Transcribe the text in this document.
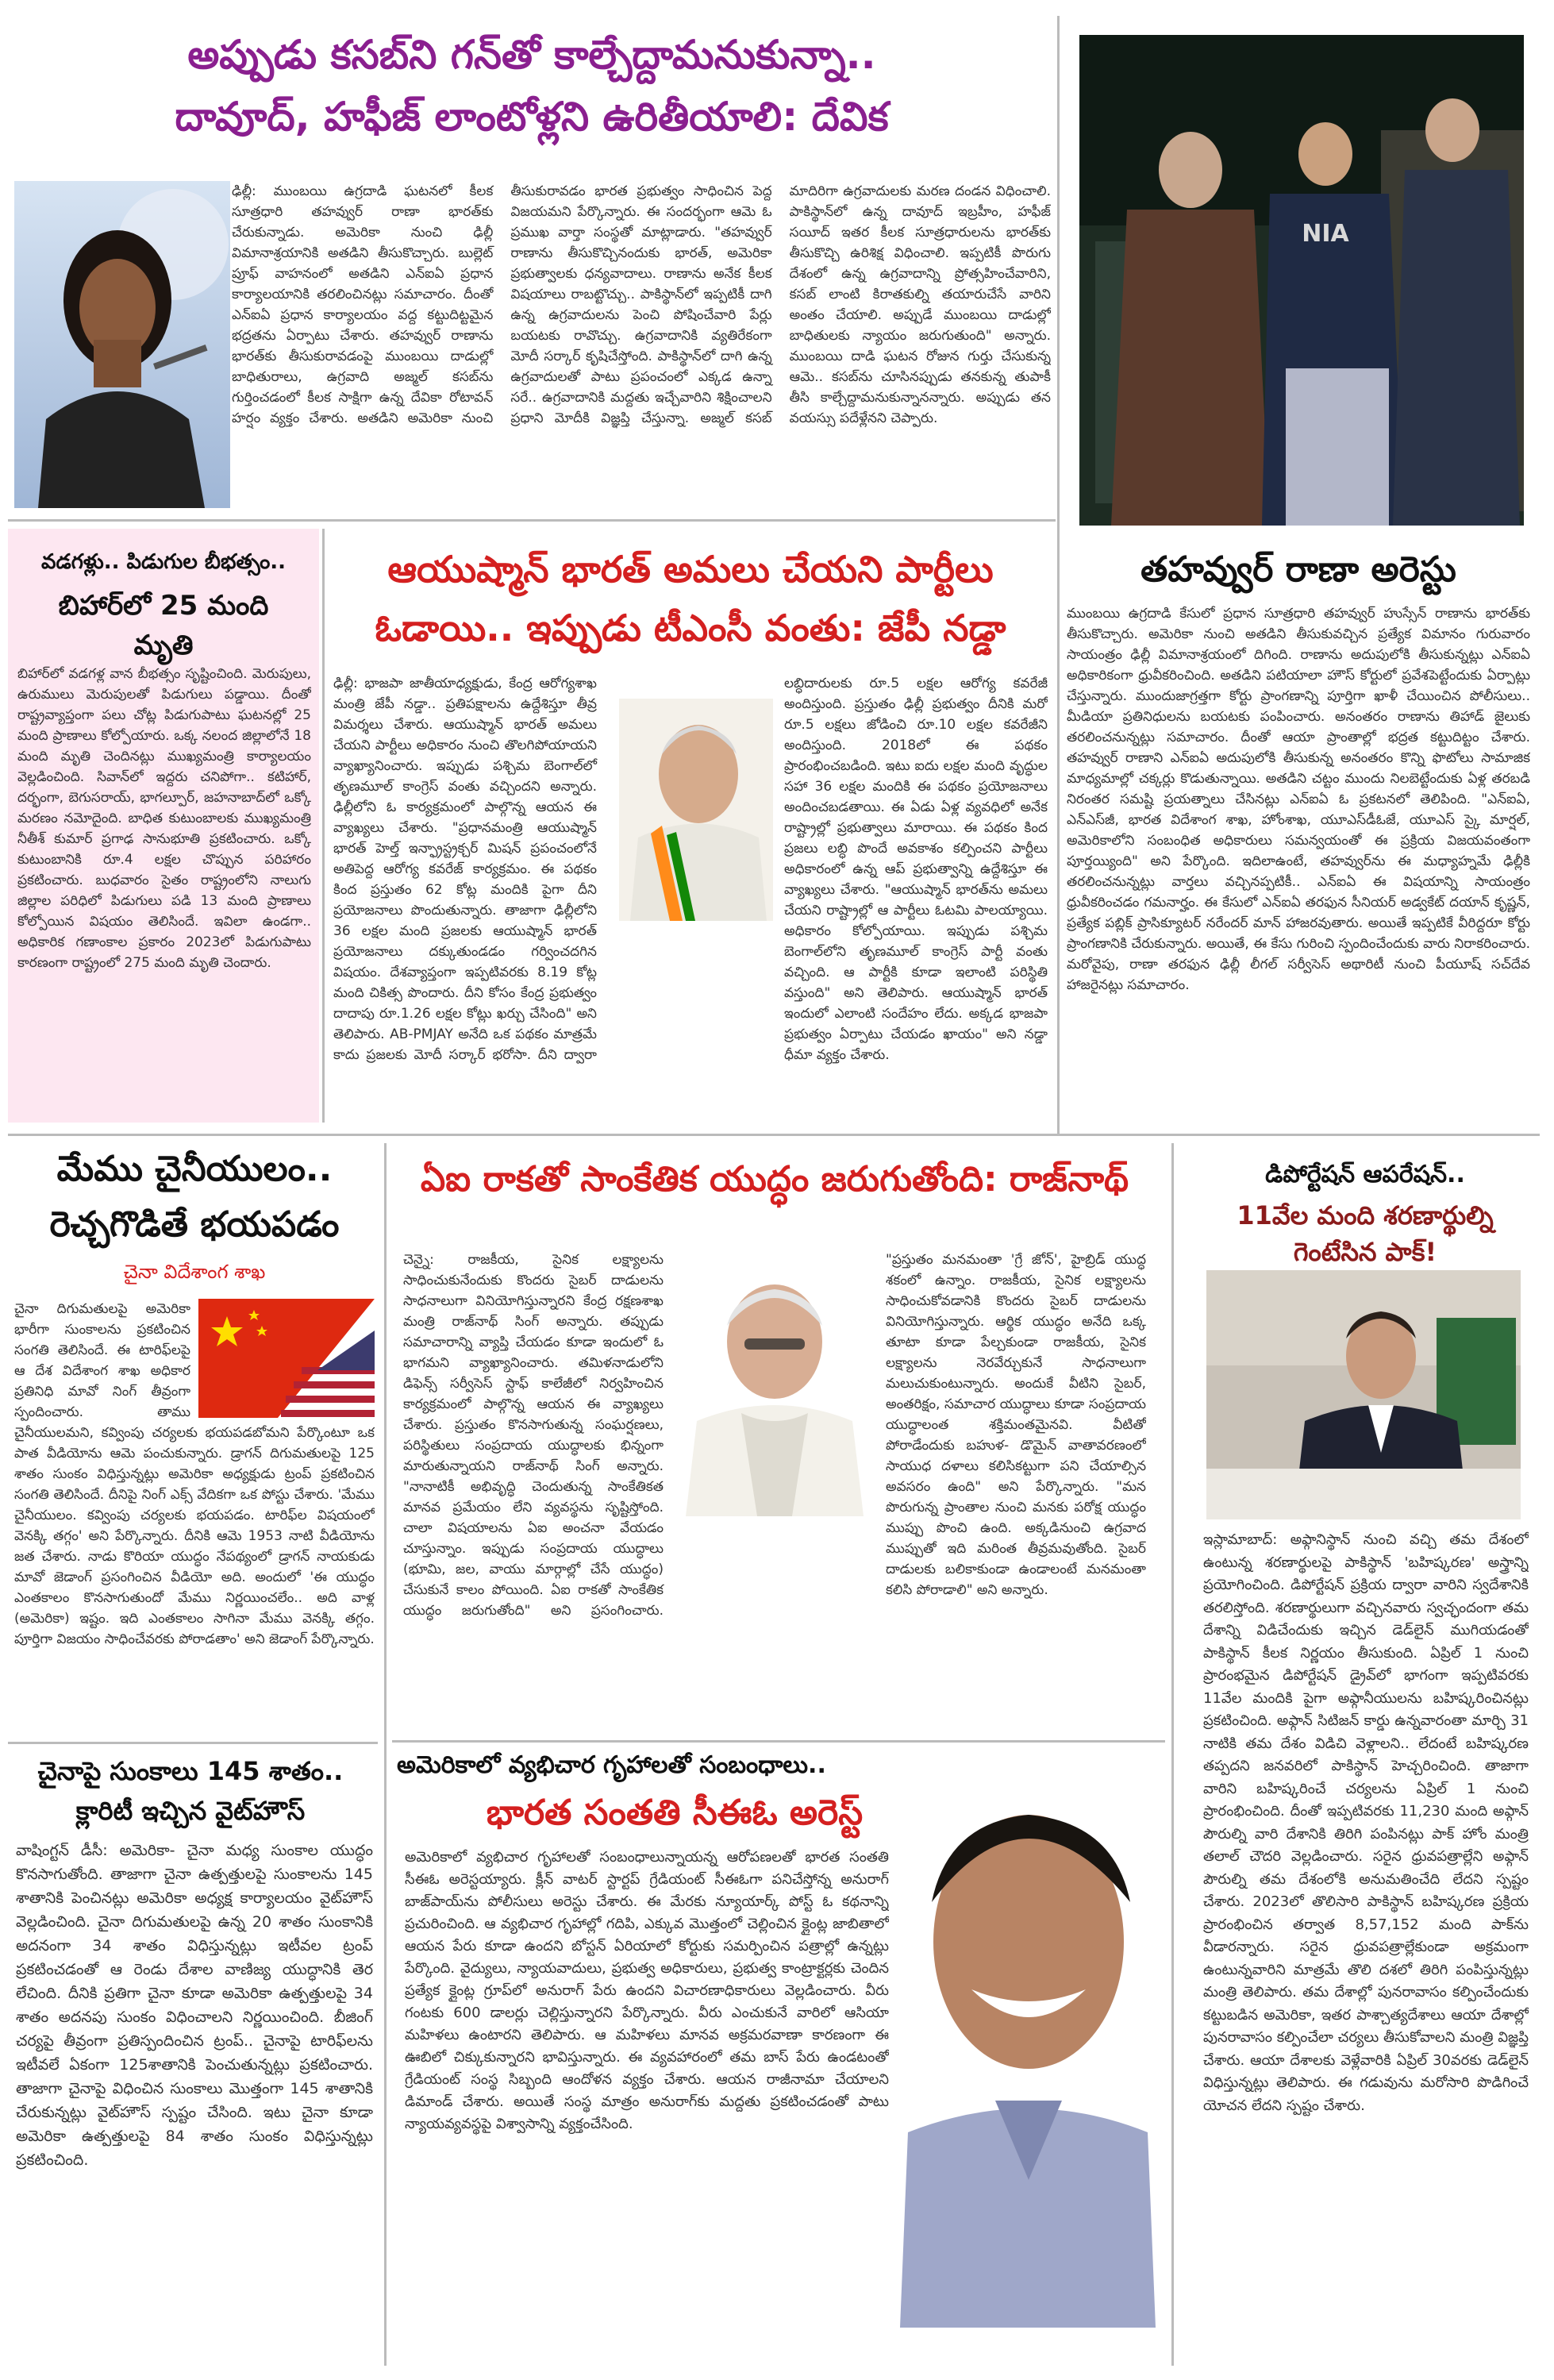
అప్పుడు కసబ్‌ని గన్‌తో కాల్చేద్దామనుకున్నా..
దావూద్, హఫీజ్ లాంటోళ్లని ఉరితీయాలి: దేవిక
ఢిల్లీ: ముంబయి ఉగ్రదాడి ఘటనలో కీలక సూత్రధారి తహవ్వుర్ రాణా భారత్‌కు చేరుకున్నాడు. అమెరికా నుంచి ఢిల్లీ విమానాశ్రయానికి అతడిని తీసుకొచ్చారు. బుల్లెట్ ప్రూఫ్ వాహనంలో అతడిని ఎన్ఐఏ ప్రధాన కార్యాలయానికి తరలించినట్లు సమాచారం. దీంతో ఎన్ఐఏ ప్రధాన కార్యాలయం వద్ద కట్టుదిట్టమైన భద్రతను ఏర్పాటు చేశారు. తహవ్వుర్ రాణాను భారత్‌కు తీసుకురావడంపై ముంబయి దాడుల్లో బాధితురాలు, ఉగ్రవాది అజ్మల్ కసబ్‌ను గుర్తించడంలో కీలక సాక్షిగా ఉన్న దేవికా రోటావన్ హర్షం వ్యక్తం చేశారు. అతడిని అమెరికా నుంచి తీసుకురావడం భారత ప్రభుత్వం సాధించిన పెద్ద విజయమని పేర్కొన్నారు. ఈ సందర్భంగా ఆమె ఓ ప్రముఖ వార్తా సంస్థతో మాట్లాడారు. "తహవ్వుర్ రాణాను తీసుకొచ్చినందుకు భారత్, అమెరికా ప్రభుత్వాలకు ధన్యవాదాలు. రాణాను అనేక కీలక విషయాలు రాబట్టొచ్చు.. పాకిస్థాన్‌లో ఇప్పటికీ దాగి ఉన్న ఉగ్రవాదులను పెంచి పోషించేవారి పేర్లు బయటకు రావొచ్చు. ఉగ్రవాదానికి వ్యతిరేకంగా మోదీ సర్కార్ కృషిచేస్తోంది. పాకిస్థాన్‌లో దాగి ఉన్న ఉగ్రవాదులతో పాటు ప్రపంచంలో ఎక్కడ ఉన్నా సరే.. ఉగ్రవాదానికి మద్దతు ఇచ్చేవారిని శిక్షించాలని ప్రధాని మోదీకి విజ్ఞప్తి చేస్తున్నా. అజ్మల్ కసబ్ మాదిరిగా ఉగ్రవాదులకు మరణ దండన విధించాలి. పాకిస్థాన్‌లో ఉన్న దావూద్ ఇబ్రహీం, హఫీజ్ సయీద్ ఇతర కీలక సూత్రధారులను భారత్‌కు తీసుకొచ్చి ఉరిశిక్ష విధించాలి. ఇప్పటికీ పొరుగు దేశంలో ఉన్న ఉగ్రవాదాన్ని ప్రోత్సహించేవారిని, కసబ్ లాంటి కిరాతకుల్ని తయారుచేసే వారిని అంతం చేయాలి. అప్పుడే ముంబయి దాడుల్లో బాధితులకు న్యాయం జరుగుతుంది" అన్నారు. ముంబయి దాడి ఘటన రోజున గుర్తు చేసుకున్న ఆమె.. కసబ్‌ను చూసినప్పుడు తనకున్న తుపాకీ తీసి కాల్చేద్దామనుకున్నానన్నారు. అప్పుడు తన వయస్సు పదేళ్లేనని చెప్పారు.
NIA
తహవ్వుర్ రాణా అరెస్టు
ముంబయి ఉగ్రదాడి కేసులో ప్రధాన సూత్రధారి తహవ్వుర్ హుస్సేన్ రాణాను భారత్‌కు తీసుకొచ్చారు. అమెరికా నుంచి అతడిని తీసుకువచ్చిన ప్రత్యేక విమానం గురువారం సాయంత్రం ఢిల్లీ విమానాశ్రయంలో దిగింది. రాణాను అదుపులోకి తీసుకున్నట్లు ఎన్ఐఏ అధికారికంగా ధ్రువీకరించింది. అతడిని పటియాలా హౌస్ కోర్టులో ప్రవేశపెట్టేందుకు ఏర్పాట్లు చేస్తున్నారు. ముందుజాగ్రత్తగా కోర్టు ప్రాంగణాన్ని పూర్తిగా ఖాళీ చేయించిన పోలీసులు.. మీడియా ప్రతినిధులను బయటకు పంపించారు. అనంతరం రాణాను తిహాడ్ జైలుకు తరలించనున్నట్లు సమాచారం. దీంతో ఆయా ప్రాంతాల్లో భద్రత కట్టుదిట్టం చేశారు. తహవ్వుర్ రాణాని ఎన్ఐఏ అదుపులోకి తీసుకున్న అనంతరం కొన్ని ఫొటోలు సామాజిక మాధ్యమాల్లో చక్కర్లు కొడుతున్నాయి. అతడిని చట్టం ముందు నిలబెట్టేందుకు ఏళ్ల తరబడి నిరంతర సమష్టి ప్రయత్నాలు చేసినట్లు ఎన్ఐఏ ఓ ప్రకటనలో తెలిపింది. "ఎన్ఐఏ, ఎన్ఎస్‌జీ, భారత విదేశాంగ శాఖ, హోంశాఖ, యూఎస్‌డీఓజే, యూఎస్ స్కై మార్షల్, అమెరికాలోని సంబంధిత అధికారులు సమన్వయంతో ఈ ప్రక్రియ విజయవంతంగా పూర్తయ్యింది" అని పేర్కొంది. ఇదిలాఉంటే, తహవ్వుర్‌ను ఈ మధ్యాహ్నమే ఢిల్లీకి తరలించనున్నట్లు వార్తలు వచ్చినప్పటికీ.. ఎన్ఐఏ ఈ విషయాన్ని సాయంత్రం ధ్రువీకరించడం గమనార్హం. ఈ కేసులో ఎన్ఐఏ తరఫున సీనియర్ అడ్వకేట్ దయాన్ కృష్ణన్, ప్రత్యేక పబ్లిక్ ప్రాసిక్యూటర్ నరేందర్ మాన్ హాజరవుతారు. అయితే ఇప్పటికే వీరిద్దరూ కోర్టు ప్రాంగణానికి చేరుకున్నారు. అయితే, ఈ కేసు గురించి స్పందించేందుకు వారు నిరాకరించారు. మరోవైపు, రాణా తరఫున ఢిల్లీ లీగల్ సర్వీసెస్ అథారిటీ నుంచి పీయూష్ సచ్‌దేవ హాజరైనట్లు సమాచారం.
వడగళ్లు.. పిడుగుల బీభత్సం..
బిహార్‌లో 25 మంది
మృతి
బిహార్‌లో వడగళ్ల వాన బీభత్సం సృష్టించింది. మెరుపులు, ఉరుములు మెరుపులతో పిడుగులు పడ్డాయి. దీంతో రాష్ట్రవ్యాప్తంగా పలు చోట్ల పిడుగుపాటు ఘటనల్లో 25 మంది ప్రాణాలు కోల్పోయారు. ఒక్క నలంద జిల్లాలోనే 18 మంది మృతి చెందినట్లు ముఖ్యమంత్రి కార్యాలయం వెల్లడించింది. సివాన్‌లో ఇద్దరు చనిపోగా.. కటిహార్, దర్భంగా, బెగుసరాయ్, భాగల్పూర్, జహనాబాద్‌లో ఒక్కో మరణం నమోదైంది. బాధిత కుటుంబాలకు ముఖ్యమంత్రి నీతీశ్ కుమార్ ప్రగాఢ సానుభూతి ప్రకటించారు. ఒక్కో కుటుంబానికి రూ.4 లక్షల చొప్పున పరిహారం ప్రకటించారు. బుధవారం సైతం రాష్ట్రంలోని నాలుగు జిల్లాల పరిధిలో పిడుగులు పడి 13 మంది ప్రాణాలు కోల్పోయిన విషయం తెలిసిందే. ఇవిలా ఉండగా.. అధికారిక గణాంకాల ప్రకారం 2023లో పిడుగుపాటు కారణంగా రాష్ట్రంలో 275 మంది మృతి చెందారు.
ఆయుష్మాన్ భారత్ అమలు చేయని పార్టీలు
ఓడాయి.. ఇప్పుడు టీఎంసీ వంతు: జేపీ నడ్డా
ఢిల్లీ: భాజపా జాతీయాధ్యక్షుడు, కేంద్ర ఆరోగ్యశాఖ మంత్రి జేపీ నడ్డా.. ప్రతిపక్షాలను ఉద్దేశిస్తూ తీవ్ర విమర్శలు చేశారు. ఆయుష్మాన్ భారత్ అమలు చేయని పార్టీలు అధికారం నుంచి తొలగిపోయాయని వ్యాఖ్యానించారు. ఇప్పుడు పశ్చిమ బెంగాల్‌లో తృణమూల్ కాంగ్రెస్ వంతు వచ్చిందని అన్నారు. ఢిల్లీలోని ఓ కార్యక్రమంలో పాల్గొన్న ఆయన ఈ వ్యాఖ్యలు చేశారు. "ప్రధానమంత్రి ఆయుష్మాన్ భారత్ హెల్త్ ఇన్ఫ్రాస్ట్రక్చర్ మిషన్ ప్రపంచంలోనే అతిపెద్ద ఆరోగ్య కవరేజ్ కార్యక్రమం. ఈ పథకం కింద ప్రస్తుతం 62 కోట్ల మందికి పైగా దీని ప్రయోజనాలు పొందుతున్నారు. తాజాగా ఢిల్లీలోని 36 లక్షల మంది ప్రజలకు ఆయుష్మాన్ భారత్ ప్రయోజనాలు దక్కుతుండడం గర్వించదగిన విషయం. దేశవ్యాప్తంగా ఇప్పటివరకు 8.19 కోట్ల మంది చికిత్స పొందారు. దీని కోసం కేంద్ర ప్రభుత్వం దాదాపు రూ.1.26 లక్షల కోట్లు ఖర్చు చేసింది" అని తెలిపారు. AB-PMJAY అనేది ఒక పథకం మాత్రమే కాదు ప్రజలకు మోదీ సర్కార్ భరోసా. దీని ద్వారా లబ్ధిదారులకు రూ.5 లక్షల ఆరోగ్య కవరేజీ అందిస్తుంది. ప్రస్తుతం ఢిల్లీ ప్రభుత్వం దీనికి మరో రూ.5 లక్షలు జోడించి రూ.10 లక్షల కవరేజీని అందిస్తుంది. 2018లో ఈ పథకం ప్రారంభించబడింది. ఇటు ఐదు లక్షల మంది వృద్ధుల సహా 36 లక్షల మందికి ఈ పథకం ప్రయోజనాలు అందించబడతాయి. ఈ ఏడు ఏళ్ల వ్యవధిలో అనేక రాష్ట్రాల్లో ప్రభుత్వాలు మారాయి. ఈ పథకం కింద ప్రజలు లబ్ధి పొందే అవకాశం కల్పించని పార్టీలు అధికారంలో ఉన్న ఆప్ ప్రభుత్వాన్ని ఉద్దేశిస్తూ ఈ వ్యాఖ్యలు చేశారు. "ఆయుష్మాన్ భారత్‌ను అమలు చేయని రాష్ట్రాల్లో ఆ పార్టీలు ఓటమి పాలయ్యాయి. అధికారం కోల్పోయాయి. ఇప్పుడు పశ్చిమ బెంగాల్‌లోని తృణమూల్ కాంగ్రెస్ పార్టీ వంతు వచ్చింది. ఆ పార్టీకి కూడా ఇలాంటి పరిస్థితి వస్తుంది" అని తెలిపారు. ఆయుష్మాన్ భారత్ ఇందులో ఎలాంటి సందేహం లేదు. అక్కడ భాజపా ప్రభుత్వం ఏర్పాటు చేయడం ఖాయం" అని నడ్డా ధీమా వ్యక్తం చేశారు.
మేము చైనీయులం..
రెచ్చగొడితే భయపడం
చైనా విదేశాంగ శాఖ
చైనా దిగుమతులపై అమెరికా భారీగా సుంకాలను ప్రకటించిన సంగతి తెలిసిందే. ఈ టారిఫ్‌లపై ఆ దేశ విదేశాంగ శాఖ అధికార ప్రతినిధి మావో నింగ్ తీవ్రంగా స్పందించారు. తాము చైనీయులమని, కవ్వింపు చర్యలకు భయపడబోమని పేర్కొంటూ ఒక పాత వీడియోను ఆమె పంచుకున్నారు. డ్రాగన్ దిగుమతులపై 125 శాతం సుంకం విధిస్తున్నట్లు అమెరికా అధ్యక్షుడు ట్రంప్ ప్రకటించిన సంగతి తెలిసిందే. దీనిపై నింగ్ ఎక్స్ వేదికగా ఒక పోస్టు చేశారు. 'మేము చైనీయులం. కవ్వింపు చర్యలకు భయపడం. టారిఫ్‌ల విషయంలో వెనక్కి తగ్గం' అని పేర్కొన్నారు. దీనికి ఆమె 1953 నాటి వీడియోను జత చేశారు. నాడు కొరియా యుద్ధం నేపథ్యంలో డ్రాగన్ నాయకుడు మావో జెడాంగ్ ప్రసంగించిన వీడియో అది. అందులో 'ఈ యుద్ధం ఎంతకాలం కొనసాగుతుందో మేము నిర్ణయించలేం.. అది వాళ్ల (అమెరికా) ఇష్టం. ఇది ఎంతకాలం సాగినా మేము వెనక్కి తగ్గం. పూర్తిగా విజయం సాధించేవరకు పోరాడతాం' అని జెడాంగ్ పేర్కొన్నారు.
చైనాపై సుంకాలు 145 శాతం..
క్లారిటీ ఇచ్చిన వైట్‌హౌస్
వాషింగ్టన్ డీసీ: అమెరికా- చైనా మధ్య సుంకాల యుద్ధం కొనసాగుతోంది. తాజాగా చైనా ఉత్పత్తులపై సుంకాలను 145 శాతానికి పెంచినట్లు అమెరికా అధ్యక్ష కార్యాలయం వైట్‌హౌస్ వెల్లడించింది. చైనా దిగుమతులపై ఉన్న 20 శాతం సుంకానికి అదనంగా 34 శాతం విధిస్తున్నట్లు ఇటీవల ట్రంప్ ప్రకటించడంతో ఆ రెండు దేశాల వాణిజ్య యుద్ధానికి తెర లేచింది. దీనికి ప్రతిగా చైనా కూడా అమెరికా ఉత్పత్తులపై 34 శాతం అదనపు సుంకం విధించాలని నిర్ణయించింది. బీజింగ్ చర్యపై తీవ్రంగా ప్రతిస్పందించిన ట్రంప్.. చైనాపై టారిఫ్‌లను ఇటీవలే ఏకంగా 125శాతానికి పెంచుతున్నట్లు ప్రకటించారు. తాజాగా చైనాపై విధించిన సుంకాలు మొత్తంగా 145 శాతానికి చేరుకున్నట్లు వైట్‌హౌస్ స్పష్టం చేసింది. ఇటు చైనా కూడా అమెరికా ఉత్పత్తులపై 84 శాతం సుంకం విధిస్తున్నట్లు ప్రకటించింది.
ఏఐ రాకతో సాంకేతిక యుద్ధం జరుగుతోంది: రాజ్‌నాథ్
చెన్నై: రాజకీయ, సైనిక లక్ష్యాలను సాధించుకునేందుకు కొందరు సైబర్ దాడులను సాధనాలుగా వినియోగిస్తున్నారని కేంద్ర రక్షణశాఖ మంత్రి రాజ్‌నాథ్ సింగ్ అన్నారు. తప్పుడు సమాచారాన్ని వ్యాప్తి చేయడం కూడా ఇందులో ఓ భాగమని వ్యాఖ్యానించారు. తమిళనాడులోని డిఫెన్స్ సర్వీసెస్ స్టాఫ్ కాలేజీలో నిర్వహించిన కార్యక్రమంలో పాల్గొన్న ఆయన ఈ వ్యాఖ్యలు చేశారు. ప్రస్తుతం కొనసాగుతున్న సంఘర్షణలు, పరిస్థితులు సంప్రదాయ యుద్ధాలకు భిన్నంగా మారుతున్నాయని రాజ్‌నాథ్ సింగ్ అన్నారు. "నానాటికీ అభివృద్ధి చెందుతున్న సాంకేతికత మానవ ప్రమేయం లేని వ్యవస్థను సృష్టిస్తోంది. చాలా విషయాలను ఏఐ అంచనా వేయడం చూస్తున్నాం. ఇప్పుడు సంప్రదాయ యుద్ధాలు (భూమి, జల, వాయు మార్గాల్లో చేసే యుద్ధం) చేసుకునే కాలం పోయింది. ఏఐ రాకతో సాంకేతిక యుద్ధం జరుగుతోంది" అని ప్రసంగించారు. "ప్రస్తుతం మనమంతా 'గ్రే జోన్', హైబ్రిడ్ యుద్ధ శకంలో ఉన్నాం. రాజకీయ, సైనిక లక్ష్యాలను సాధించుకోవడానికి కొందరు సైబర్ దాడులను వినియోగిస్తున్నారు. ఆర్థిక యుద్ధం అనేది ఒక్క తూటా కూడా పేల్చకుండా రాజకీయ, సైనిక లక్ష్యాలను నెరవేర్చుకునే సాధనాలుగా మలుచుకుంటున్నారు. అందుకే వీటిని సైబర్, అంతరిక్షం, సమాచార యుద్ధాలు కూడా సంప్రదాయ యుద్ధాలంత శక్తిమంతమైనవి. వీటితో పోరాడేందుకు బహుళ- డొమైన్ వాతావరణంలో సాయుధ దళాలు కలిసికట్టుగా పని చేయాల్సిన అవసరం ఉంది" అని పేర్కొన్నారు. "మన పొరుగున్న ప్రాంతాల నుంచి మనకు పరోక్ష యుద్ధం ముప్పు పొంచి ఉంది. అక్కడినుంచి ఉగ్రవాద ముప్పుతో ఇది మరింత తీవ్రమవుతోంది. సైబర్ దాడులకు బలికాకుండా ఉండాలంటే మనమంతా కలిసి పోరాడాలి" అని అన్నారు.
అమెరికాలో వ్యభిచార గృహాలతో సంబంధాలు..
భారత సంతతి సీఈఓ అరెస్ట్
అమెరికాలో వ్యభిచార గృహాలతో సంబంధాలున్నాయన్న ఆరోపణలతో భారత సంతతి సీఈఓ అరెస్టయ్యారు. క్లీన్ వాటర్ స్టార్టప్ గ్రేడియంట్ సీఈఓగా పనిచేస్తోన్న అనురాగ్ బాజ్‌పాయ్‌ను పోలీసులు అరెస్టు చేశారు. ఈ మేరకు న్యూయార్క్ పోస్ట్ ఓ కథనాన్ని ప్రచురించింది. ఆ వ్యభిచార గృహాల్లో గదిపి, ఎక్కువ మొత్తంలో చెల్లించిన క్లైంట్ల జాబితాలో ఆయన పేరు కూడా ఉందని బోస్టన్ ఏరియాలో కోర్టుకు సమర్పించిన పత్రాల్లో ఉన్నట్లు పేర్కొంది. వైద్యులు, న్యాయవాదులు, ప్రభుత్వ అధికారులు, ప్రభుత్వ కాంట్రాక్టర్లకు చెందిన ప్రత్యేక క్లైంట్ల గ్రూప్‌లో అనురాగ్ పేరు ఉందని విచారణాధికారులు వెల్లడించారు. వీరు గంటకు 600 డాలర్లు చెల్లిస్తున్నారని పేర్కొన్నారు. వీరు ఎంచుకునే వారిలో ఆసియా మహిళలు ఉంటారని తెలిపారు. ఆ మహిళలు మానవ అక్రమరవాణా కారణంగా ఈ ఊబిలో చిక్కుకున్నారని భావిస్తున్నారు. ఈ వ్యవహారంలో తమ బాస్ పేరు ఉండటంతో గ్రేడియంట్ సంస్థ సిబ్బంది ఆందోళన వ్యక్తం చేశారు. ఆయన రాజీనామా చేయాలని డిమాండ్ చేశారు. అయితే సంస్థ మాత్రం అనురాగ్‌కు మద్దతు ప్రకటించడంతో పాటు న్యాయవ్యవస్థపై విశ్వాసాన్ని వ్యక్తంచేసింది.
డిపోర్టేషన్ ఆపరేషన్..
11వేల మంది శరణార్థుల్ని
గెంటేసిన పాక్!
ఇస్లామాబాద్: అఫ్గానిస్థాన్ నుంచి వచ్చి తమ దేశంలో ఉంటున్న శరణార్థులపై పాకిస్థాన్ 'బహిష్కరణ' అస్త్రాన్ని ప్రయోగించింది. డిపోర్టేషన్ ప్రక్రియ ద్వారా వారిని స్వదేశానికి తరలిస్తోంది. శరణార్థులుగా వచ్చినవారు స్వచ్ఛందంగా తమ దేశాన్ని విడిచేందుకు ఇచ్చిన డెడ్‌లైన్ ముగియడంతో పాకిస్థాన్ కీలక నిర్ణయం తీసుకుంది. ఏప్రిల్ 1 నుంచి ప్రారంభమైన డిపోర్టేషన్ డ్రైవ్‌లో భాగంగా ఇప్పటివరకు 11వేల మందికి పైగా అఫ్గానీయులను బహిష్కరించినట్లు ప్రకటించింది. అఫ్గాన్ సిటిజన్ కార్డు ఉన్నవారంతా మార్చి 31 నాటికి తమ దేశం విడిచి వెళ్లాలని.. లేదంటే బహిష్కరణ తప్పదని జనవరిలో పాకిస్థాన్ హెచ్చరించింది. తాజాగా వారిని బహిష్కరించే చర్యలను ఏప్రిల్ 1 నుంచి ప్రారంభించింది. దీంతో ఇప్పటివరకు 11,230 మంది అఫ్గాన్ పౌరుల్ని వారి దేశానికి తిరిగి పంపినట్లు పాక్ హోం మంత్రి తలాల్ చౌదరి వెల్లడించారు. సరైన ధ్రువపత్రాల్లేని అఫ్గాన్ పౌరుల్ని తమ దేశంలోకి అనుమతించేది లేదని స్పష్టం చేశారు. 2023లో తొలిసారి పాకిస్థాన్ బహిష్కరణ ప్రక్రియ ప్రారంభించిన తర్వాత 8,57,152 మంది పాక్‌ను వీడారన్నారు. సరైన ధ్రువపత్రాల్లేకుండా అక్రమంగా ఉంటున్నవారిని మాత్రమే తొలి దశలో తిరిగి పంపిస్తున్నట్లు మంత్రి తెలిపారు. తమ దేశాల్లో పునరావాసం కల్పించేందుకు కట్టుబడిన అమెరికా, ఇతర పాశ్చాత్యదేశాలు ఆయా దేశాల్లో పునరావాసం కల్పించేలా చర్యలు తీసుకోవాలని మంత్రి విజ్ఞప్తి చేశారు. ఆయా దేశాలకు వెళ్లేవారికి ఏప్రిల్ 30వరకు డెడ్‌లైన్ విధిస్తున్నట్లు తెలిపారు. ఈ గడువును మరోసారి పొడిగించే యోచన లేదని స్పష్టం చేశారు.
